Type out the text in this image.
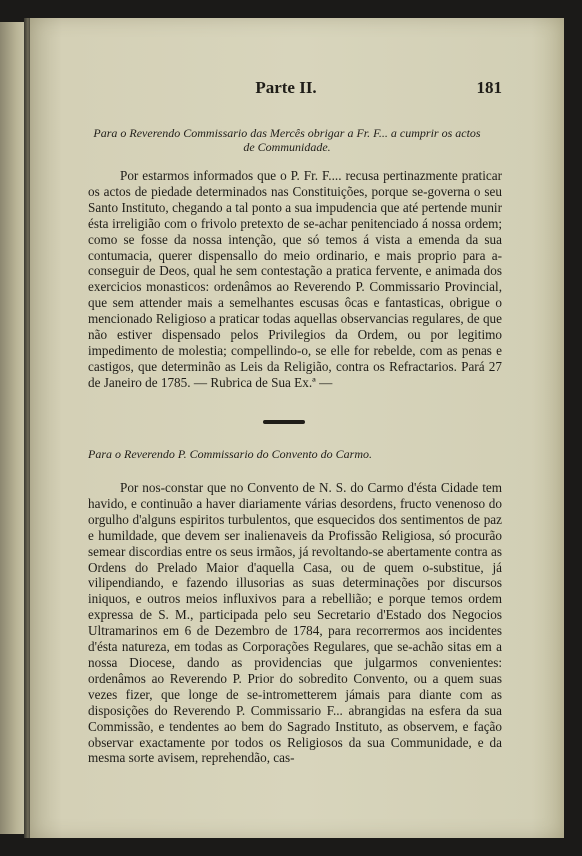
Parte II.	181
Para o Reverendo Commissario das Mercês obrigar a Fr. F... a cumprir os actos de Communidade.

Por estarmos informados que o P. Fr. F.... recusa pertinazmente praticar os actos de piedade determinados nas Constituições, porque se-governa o seu Santo Instituto, chegando a tal ponto a sua impudencia que até pertende munir ésta irreligião com o frivolo pretexto de se-achar penitenciado á nossa ordem; como se fosse da nossa intenção, que só temos á vista a emenda da sua contumacia, querer dispensallo do meio ordinario, e mais proprio para a-conseguir de Deos, qual he sem contestação a pratica fervente, e animada dos exercicios monasticos: ordenâmos ao Reverendo P. Commissario Provincial, que sem attender mais a semelhantes escusas ôcas e fantasticas, obrigue o mencionado Religioso a praticar todas aquellas observancias regulares, de que não estiver dispensado pelos Privilegios da Ordem, ou por legitimo impedimento de molestia; compellindo-o, se elle for rebelde, com as penas e castigos, que determinão as Leis da Religião, contra os Refractarios. Pará 27 de Janeiro de 1785. — Rubrica de Sua Ex.ª —

Para o Reverendo P. Commissario do Convento do Carmo.

Por nos-constar que no Convento de N. S. do Carmo d'ésta Cidade tem havido, e continuão a haver diariamente várias desordens, fructo venenoso do orgulho d'alguns espiritos turbulentos, que esquecidos dos sentimentos de paz e humildade, que devem ser inalienaveis da Profissão Religiosa, só procurão semear discordias entre os seus irmãos, já revoltando-se abertamente contra as Ordens do Prelado Maior d'aquella Casa, ou de quem o-substitue, já vilipendiando, e fazendo illusorias as suas determinações por discursos iniquos, e outros meios influxivos para a rebellião; e porque temos ordem expressa de S. M., participada pelo seu Secretario d'Estado dos Negocios Ultramarinos em 6 de Dezembro de 1784, para recorrermos aos incidentes d'ésta natureza, em todas as Corporações Regulares, que se-achão sitas em a nossa Diocese, dando as providencias que julgarmos convenientes: ordenâmos ao Reverendo P. Prior do sobredito Convento, ou a quem suas vezes fizer, que longe de se-intrometterem jámais para diante com as disposições do Reverendo P. Commissario F... abrangidas na esfera da sua Commissão, e tendentes ao bem do Sagrado Instituto, as observem, e fação observar exactamente por todos os Religiosos da sua Communidade, e da mesma sorte avisem, reprehendão, cas-
